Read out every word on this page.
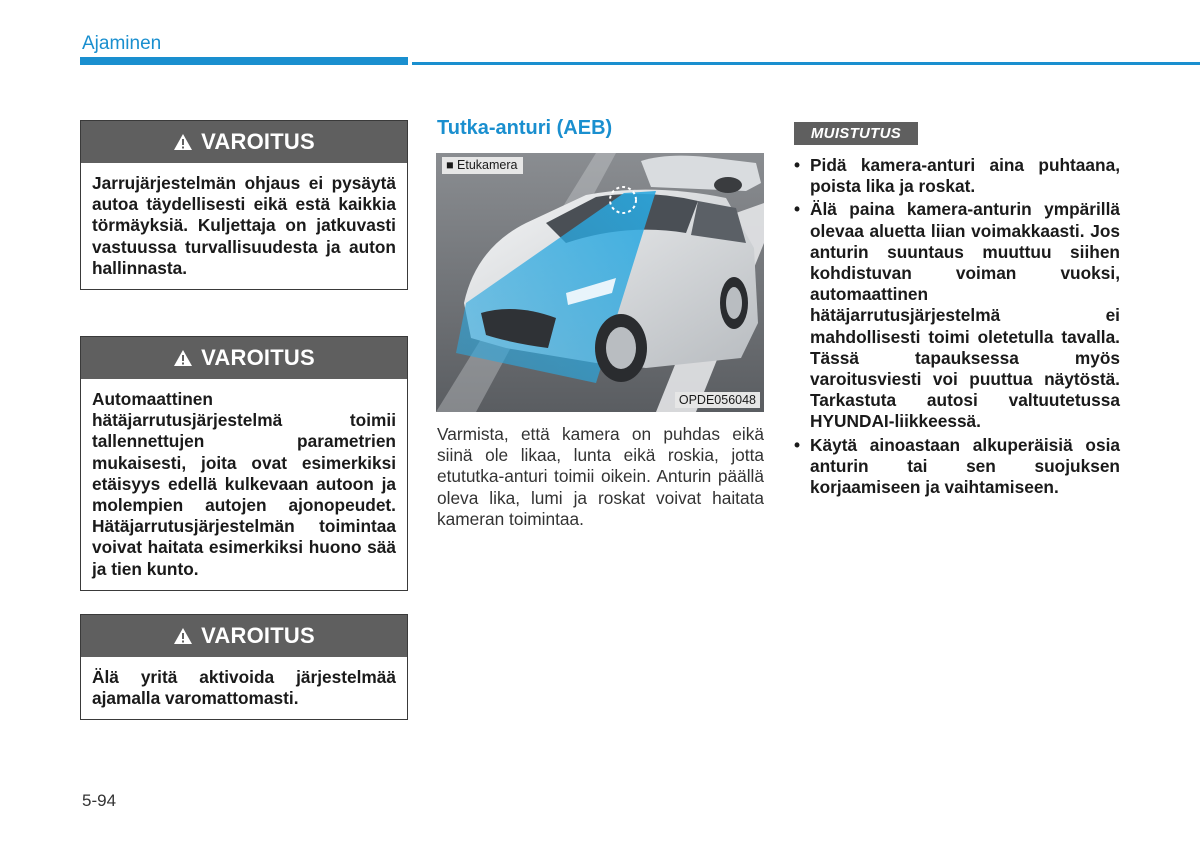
Ajaminen
VAROITUS
Jarrujärjestelmän ohjaus ei pysäytä autoa täydellisesti eikä estä kaikkia törmäyksiä. Kuljettaja on jatkuvasti vastuussa turvallisuudesta ja auton hallinnasta.
VAROITUS
Automaattinen hätäjarrutusjärjestelmä toimii tallennettujen parametrien mukaisesti, joita ovat esimerkiksi etäisyys edellä kulkevaan autoon ja molempien autojen ajonopeudet. Hätäjarrutusjärjestelmän toimintaa voivat haitata esimerkiksi huono sää ja tien kunto.
VAROITUS
Älä yritä aktivoida järjestelmää ajamalla varomattomasti.
Tutka-anturi (AEB)
■ Etukamera
OPDE056048
Varmista, että kamera on puhdas eikä siinä ole likaa, lunta eikä roskia, jotta etututka-anturi toimii oikein. Anturin päällä oleva lika, lumi ja roskat voivat haitata kameran toimintaa.
MUISTUTUS
• Pidä kamera-anturi aina puhtaana, poista lika ja roskat.
• Älä paina kamera-anturin ympärillä olevaa aluetta liian voimakkaasti. Jos anturin suuntaus muuttuu siihen kohdistuvan voiman vuoksi, automaattinen hätäjarrutusjärjestelmä ei mahdollisesti toimi oletetulla tavalla. Tässä tapauksessa myös varoitusviesti voi puuttua näytöstä. Tarkastuta autosi valtuutetussa HYUNDAI-liikkeessä.
• Käytä ainoastaan alkuperäisiä osia anturin tai sen suojuksen korjaamiseen ja vaihtamiseen.
5-94
